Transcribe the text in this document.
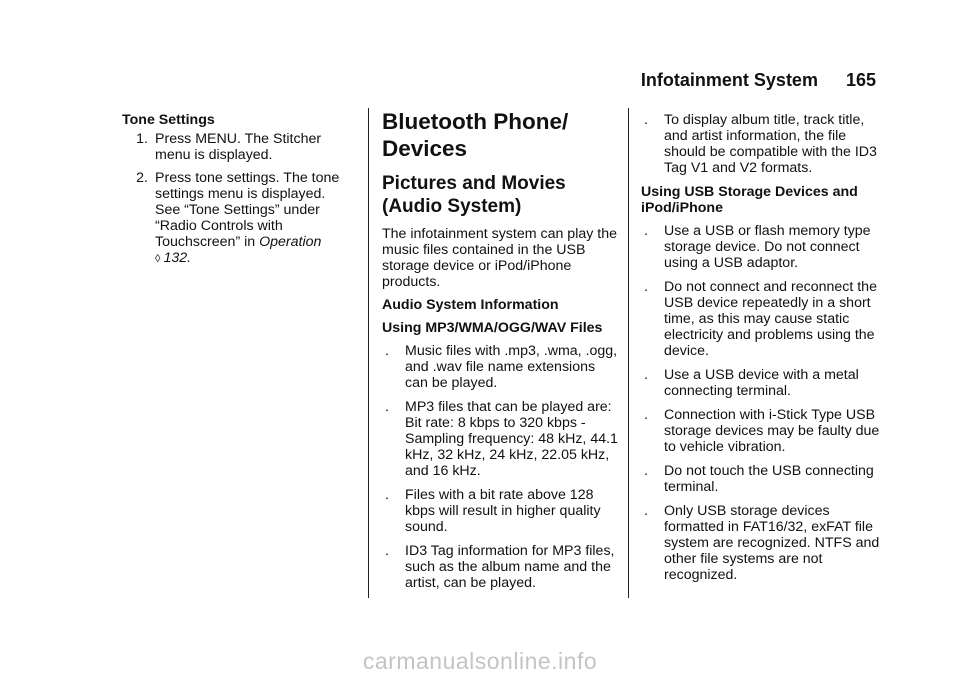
Infotainment System 165
Tone Settings
1. Press MENU. The Stitcher menu is displayed.
2. Press tone settings. The tone settings menu is displayed. See “Tone Settings” under “Radio Controls with Touchscreen” in Operation
◊ 132.
Bluetooth Phone/ Devices
Pictures and Movies (Audio System)

The infotainment system can play the music files contained in the USB storage device or iPod/iPhone products.

Audio System Information

Using MP3/WMA/OGG/WAV Files

.	Music files with .mp3, .wma, .ogg, and .wav file name extensions can be played.
.	MP3 files that can be played are: Bit rate: 8 kbps to 320 kbps - Sampling frequency: 48 kHz, 44.1 kHz, 32 kHz, 24 kHz, 22.05 kHz, and 16 kHz.
.	Files with a bit rate above 128 kbps will result in higher quality sound.
.	ID3 Tag information for MP3 files, such as the album name and the artist, can be played.
.	To display album title, track title, and artist information, the file should be compatible with the ID3 Tag V1 and V2 formats.

Using USB Storage Devices and iPod/iPhone

.	Use a USB or flash memory type storage device. Do not connect using a USB adaptor.
.	Do not connect and reconnect the USB device repeatedly in a short time, as this may cause static electricity and problems using the device.
.	Use a USB device with a metal connecting terminal.
.	Connection with i-Stick Type USB storage devices may be faulty due to vehicle vibration.
.	Do not touch the USB connecting terminal.
.	Only USB storage devices formatted in FAT16/32, exFAT file system are recognized. NTFS and other file systems are not recognized.
carmanualsonline.info
